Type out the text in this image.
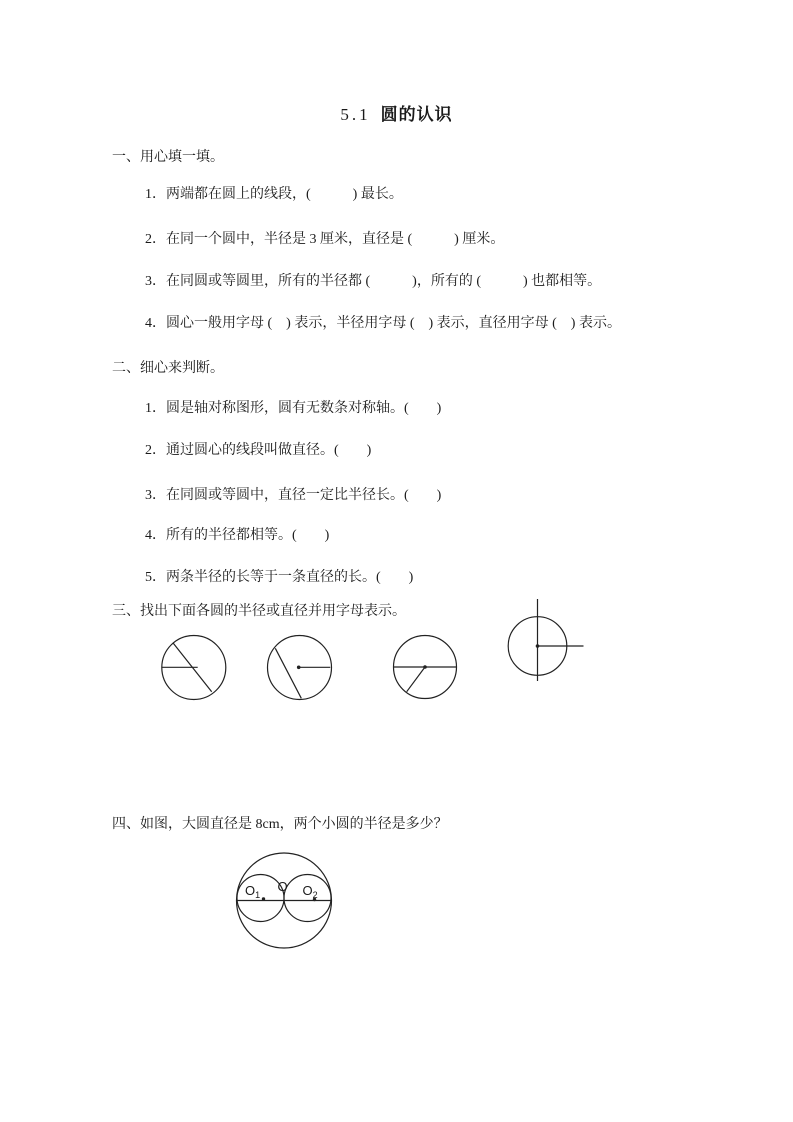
5.1 圆的认识
一、用心填一填。
1．两端都在圆上的线段，(　　　) 最长。
2．在同一个圆中，半径是 3 厘米，直径是 (　　　) 厘米。
3．在同圆或等圆里，所有的半径都 (　　　)，所有的 (　　　) 也都相等。
4．圆心一般用字母 (　) 表示，半径用字母 (　) 表示，直径用字母 (　) 表示。
二、细心来判断。
1．圆是轴对称图形，圆有无数条对称轴。(　　)
2．通过圆心的线段叫做直径。(　　)
3．在同圆或等圆中，直径一定比半径长。(　　)
4．所有的半径都相等。(　　)
5．两条半径的长等于一条直径的长。(　　)
三、找出下面各圆的半径或直径并用字母表示。
四、如图，大圆直径是 8cm，两个小圆的半径是多少？
$O_1$
O $O_2$
